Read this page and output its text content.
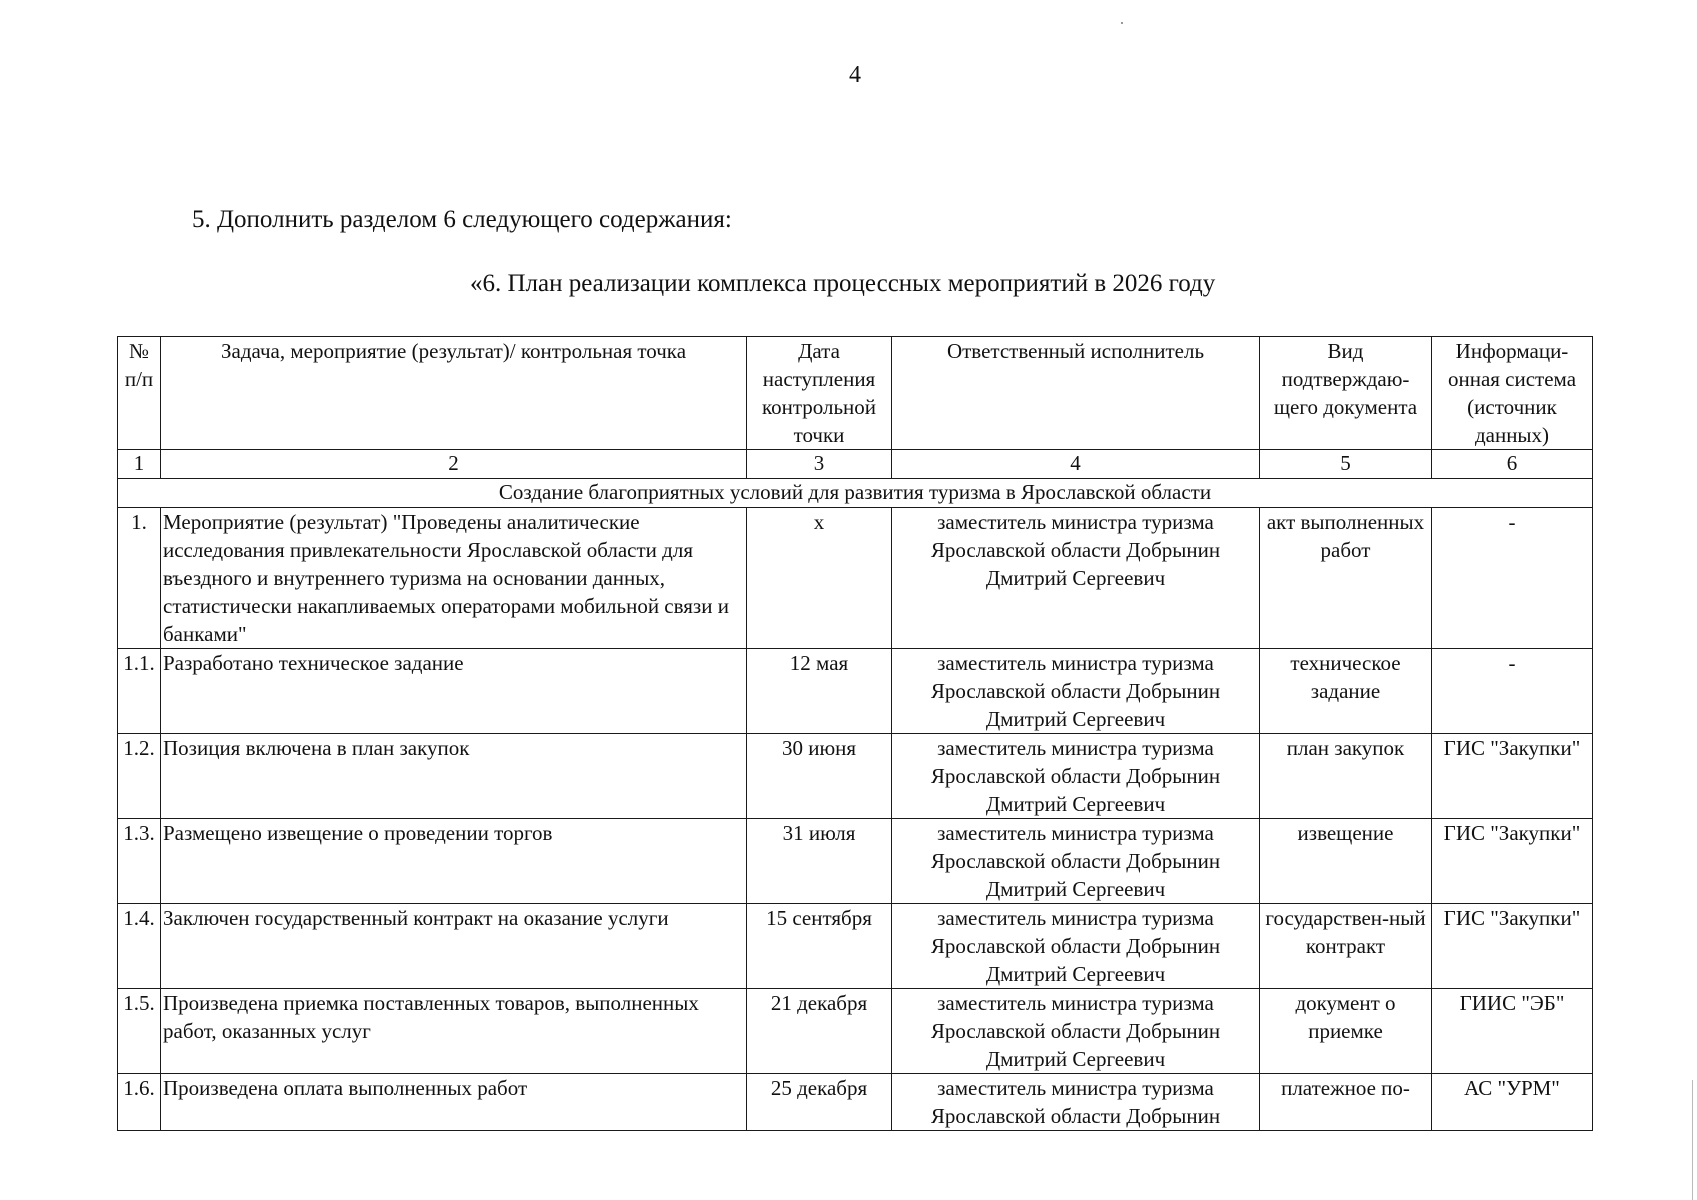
4
5. Дополнить разделом 6 следующего содержания:
«6. План реализации комплекса процессных мероприятий в 2026 году
№ п/п	Задача, мероприятие (результат)/ контрольная точка	Дата наступления контрольной точки	Ответственный исполнитель	Вид подтверждаю-щего документа	Информаци-онная система (источник данных)
1	2	3	4	5	6
Создание благоприятных условий для развития туризма в Ярославской области					
1.	Мероприятие (результат) "Проведены аналитические исследования привлекательности Ярославской области для въездного и внутреннего туризма на основании данных, статистически накапливаемых операторами мобильной связи и банками"	х	заместитель министра туризма Ярославской области Добрынин Дмитрий Сергеевич	акт выполненных работ	-
1.1.	Разработано техническое задание	12 мая	заместитель министра туризма Ярославской области Добрынин Дмитрий Сергеевич	техническое задание	-
1.2.	Позиция включена в план закупок	30 июня	заместитель министра туризма Ярославской области Добрынин Дмитрий Сергеевич	план закупок	ГИС "Закупки"
1.3.	Размещено извещение о проведении торгов	31 июля	заместитель министра туризма Ярославской области Добрынин Дмитрий Сергеевич	извещение	ГИС "Закупки"
1.4.	Заключен государственный контракт на оказание услуги	15 сентября	заместитель министра туризма Ярославской области Добрынин Дмитрий Сергеевич	государствен-ный контракт	ГИС "Закупки"
1.5.	Произведена приемка поставленных товаров, выполненных работ, оказанных услуг	21 декабря	заместитель министра туризма Ярославской области Добрынин Дмитрий Сергеевич	документ о приемке	ГИИС "ЭБ"
1.6.	Произведена оплата выполненных работ	25 декабря	заместитель министра туризма Ярославской области Добрынин	платежное по-	АС "УРМ"
